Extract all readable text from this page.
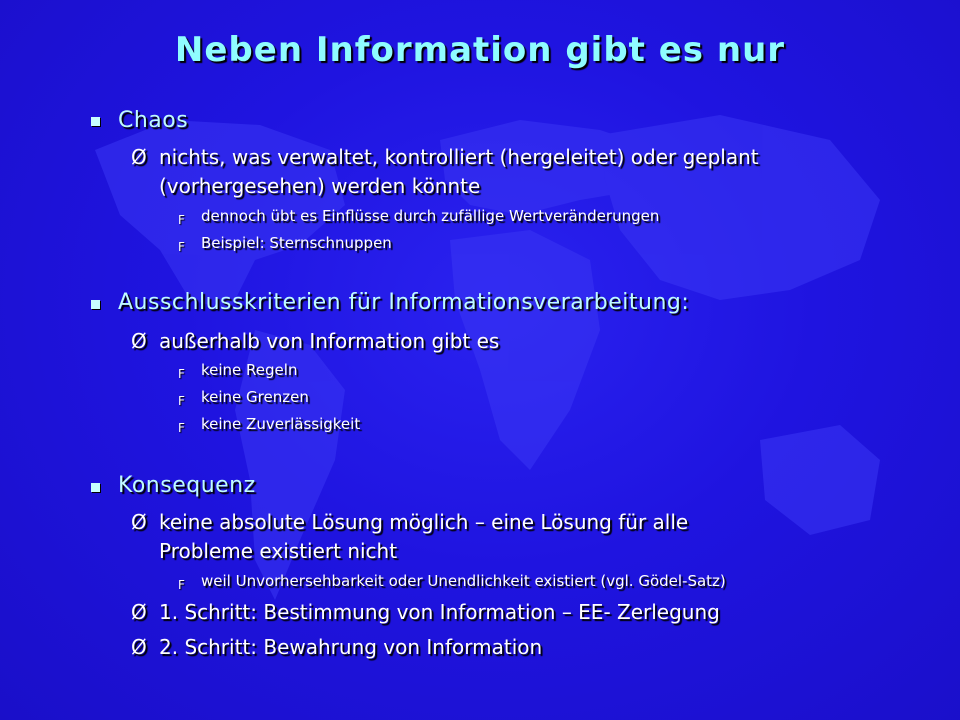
Neben Information gibt es nur
Chaos
Ø nichts, was verwaltet, kontrolliert (hergeleitet) oder geplant
(vorhergesehen) werden könnte
F dennoch übt es Einflüsse durch zufällige Wertveränderungen
F Beispiel: Sternschnuppen
Ausschlusskriterien für Informationsverarbeitung:
Ø außerhalb von Information gibt es
F keine Regeln
F keine Grenzen
F keine Zuverlässigkeit
Konsequenz
Ø keine absolute Lösung möglich – eine Lösung für alle
Probleme existiert nicht
F weil Unvorhersehbarkeit oder Unendlichkeit existiert (vgl. Gödel-Satz)
Ø 1. Schritt: Bestimmung von Information – EE- Zerlegung
Ø 2. Schritt: Bewahrung von Information
